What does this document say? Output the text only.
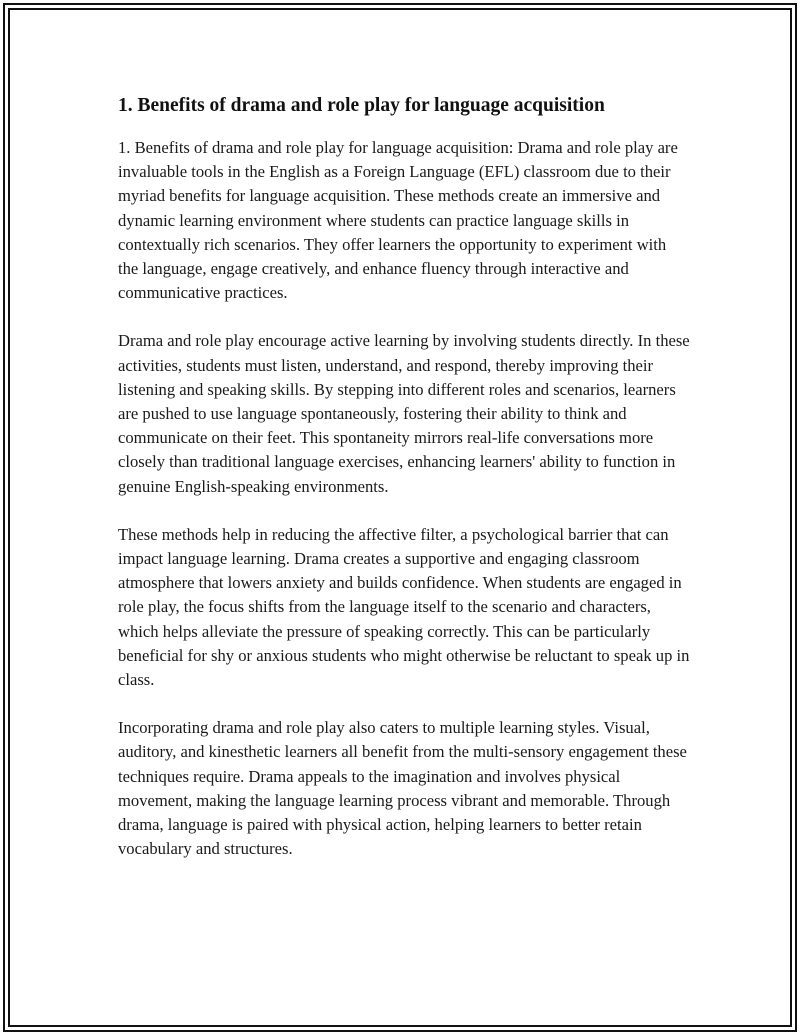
1. Benefits of drama and role play for language acquisition

1. Benefits of drama and role play for language acquisition: Drama and role play are invaluable tools in the English as a Foreign Language (EFL) classroom due to their myriad benefits for language acquisition. These methods create an immersive and dynamic learning environment where students can practice language skills in contextually rich scenarios. They offer learners the opportunity to experiment with the language, engage creatively, and enhance fluency through interactive and communicative practices.

Drama and role play encourage active learning by involving students directly. In these activities, students must listen, understand, and respond, thereby improving their listening and speaking skills. By stepping into different roles and scenarios, learners are pushed to use language spontaneously, fostering their ability to think and communicate on their feet. This spontaneity mirrors real-life conversations more closely than traditional language exercises, enhancing learners' ability to function in genuine English-speaking environments.

These methods help in reducing the affective filter, a psychological barrier that can impact language learning. Drama creates a supportive and engaging classroom atmosphere that lowers anxiety and builds confidence. When students are engaged in role play, the focus shifts from the language itself to the scenario and characters, which helps alleviate the pressure of speaking correctly. This can be particularly beneficial for shy or anxious students who might otherwise be reluctant to speak up in class.

Incorporating drama and role play also caters to multiple learning styles. Visual, auditory, and kinesthetic learners all benefit from the multi-sensory engagement these techniques require. Drama appeals to the imagination and involves physical movement, making the language learning process vibrant and memorable. Through drama, language is paired with physical action, helping learners to better retain vocabulary and structures.
